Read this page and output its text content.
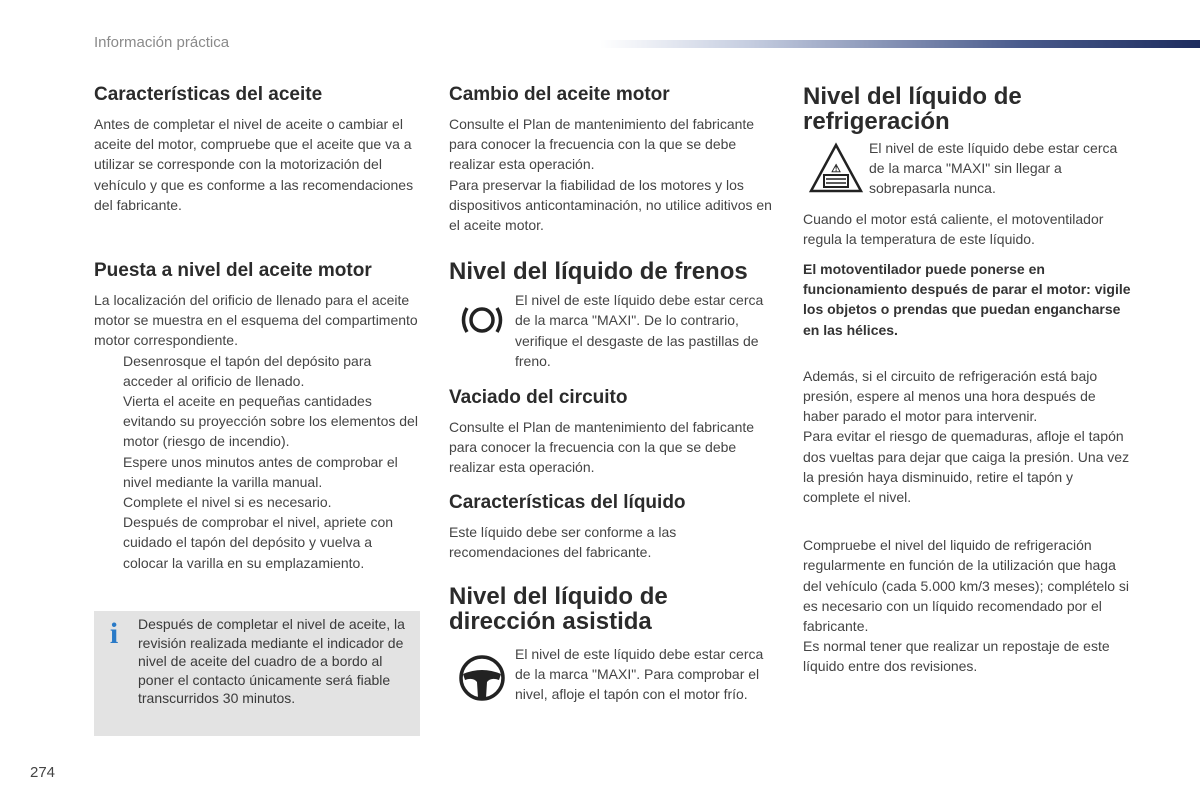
Información práctica
Características del aceite

Antes de completar el nivel de aceite o cambiar el aceite del motor, compruebe que el aceite que va a utilizar se corresponde con la motorización del vehículo y que es conforme a las recomendaciones del fabricante.

Puesta a nivel del aceite motor

La localización del orificio de llenado para el aceite motor se muestra en el esquema del compartimento motor correspondiente.

Desenrosque el tapón del depósito para acceder al orificio de llenado.
Vierta el aceite en pequeñas cantidades evitando su proyección sobre los elementos del motor (riesgo de incendio).
Espere unos minutos antes de comprobar el nivel mediante la varilla manual.
Complete el nivel si es necesario.
Después de comprobar el nivel, apriete con cuidado el tapón del depósito y vuelva a colocar la varilla en su emplazamiento.
i Después de completar el nivel de aceite, la revisión realizada mediante el indicador de nivel de aceite del cuadro de a bordo al poner el contacto únicamente será fiable transcurridos 30 minutos.

Cambio del aceite motor

Consulte el Plan de mantenimiento del fabricante para conocer la frecuencia con la que se debe realizar esta operación.

Para preservar la fiabilidad de los motores y los dispositivos anticontaminación, no utilice aditivos en el aceite motor.

Nivel del líquido de frenos

El nivel de este líquido debe estar cerca de la marca "MAXI". De lo contrario, verifique el desgaste de las pastillas de freno.

Vaciado del circuito

Consulte el Plan de mantenimiento del fabricante para conocer la frecuencia con la que se debe realizar esta operación.

Características del líquido

Este líquido debe ser conforme a las recomendaciones del fabricante.

Nivel del líquido de dirección asistida

El nivel de este líquido debe estar cerca de la marca "MAXI". Para comprobar el nivel, afloje el tapón con el motor frío.

Nivel del líquido de refrigeración
⚠

El nivel de este líquido debe estar cerca de la marca "MAXI" sin llegar a sobrepasarla nunca.

Cuando el motor está caliente, el motoventilador regula la temperatura de este líquido.

El motoventilador puede ponerse en funcionamiento después de parar el motor: vigile los objetos o prendas que puedan engancharse en las hélices.

Además, si el circuito de refrigeración está bajo presión, espere al menos una hora después de haber parado el motor para intervenir.

Para evitar el riesgo de quemaduras, afloje el tapón dos vueltas para dejar que caiga la presión. Una vez la presión haya disminuido, retire el tapón y complete el nivel.

Compruebe el nivel del liquido de refrigeración regularmente en función de la utilización que haga del vehículo (cada 5.000 km/3 meses); complételo si es necesario con un líquido recomendado por el fabricante.

Es normal tener que realizar un repostaje de este líquido entre dos revisiones.

274
